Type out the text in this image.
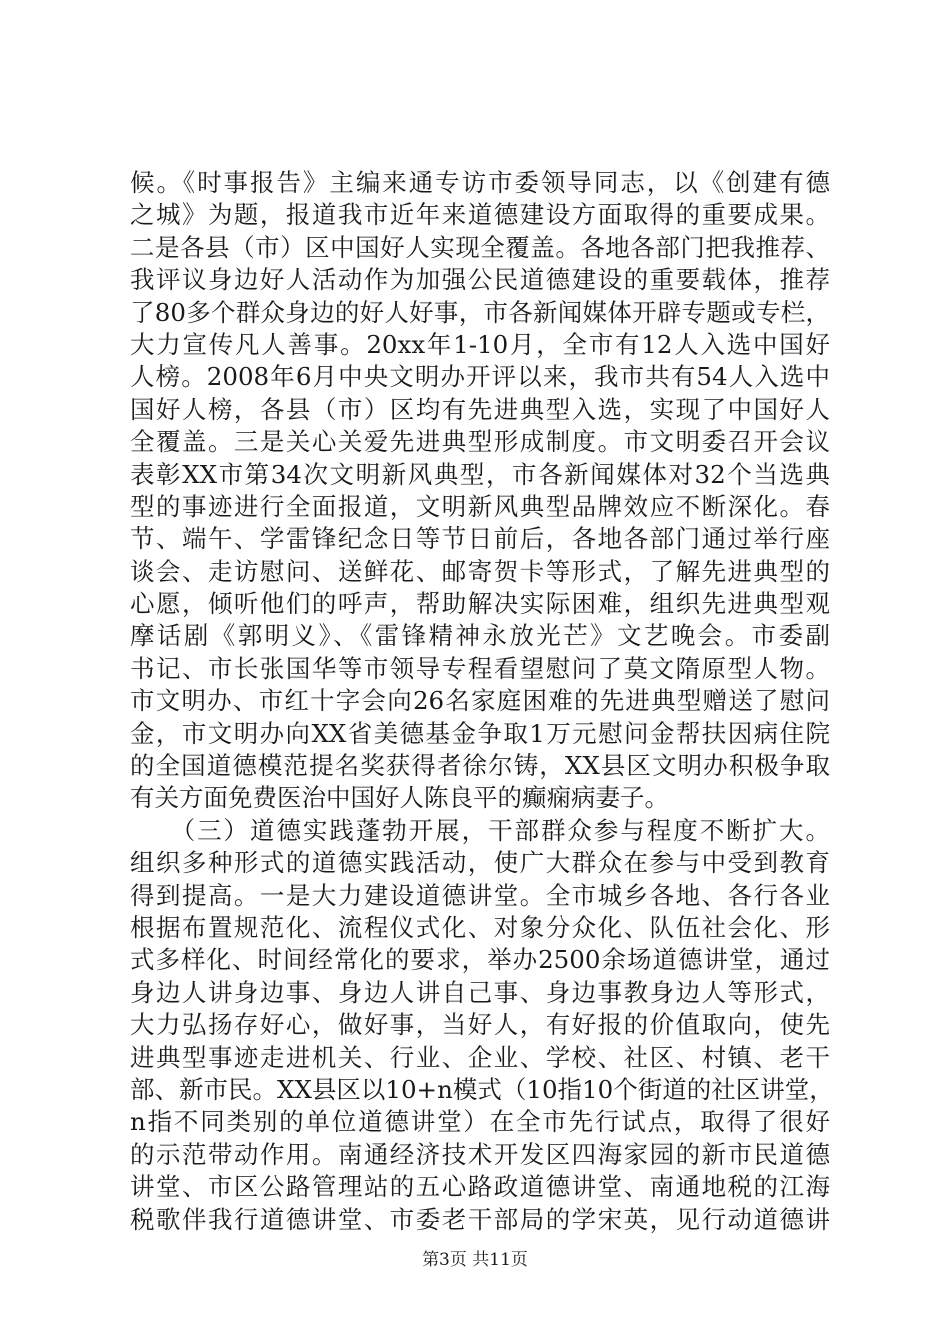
候。《时事报告》主编来通专访市委领导同志，以《创建有德
之城》为题，报道我市近年来道德建设方面取得的重要成果。
二是各县（市）区中国好人实现全覆盖。各地各部门把我推荐、
我评议身边好人活动作为加强公民道德建设的重要载体，推荐
了80多个群众身边的好人好事，市各新闻媒体开辟专题或专栏，
大力宣传凡人善事。20xx年1-10月，全市有12人入选中国好
人榜。2008年6月中央文明办开评以来，我市共有54人入选中
国好人榜，各县（市）区均有先进典型入选，实现了中国好人
全覆盖。三是关心关爱先进典型形成制度。市文明委召开会议
表彰XX市第34次文明新风典型，市各新闻媒体对32个当选典
型的事迹进行全面报道，文明新风典型品牌效应不断深化。春
节、端午、学雷锋纪念日等节日前后，各地各部门通过举行座
谈会、走访慰问、送鲜花、邮寄贺卡等形式，了解先进典型的
心愿，倾听他们的呼声，帮助解决实际困难，组织先进典型观
摩话剧《郭明义》、《雷锋精神永放光芒》文艺晚会。市委副
书记、市长张国华等市领导专程看望慰问了莫文隋原型人物。
市文明办、市红十字会向26名家庭困难的先进典型赠送了慰问
金，市文明办向XX省美德基金争取1万元慰问金帮扶因病住院
的全国道德模范提名奖获得者徐尔铸，XX县区文明办积极争取
有关方面免费医治中国好人陈良平的癫痫病妻子。
　　（三）道德实践蓬勃开展，干部群众参与程度不断扩大。
组织多种形式的道德实践活动，使广大群众在参与中受到教育
得到提高。一是大力建设道德讲堂。全市城乡各地、各行各业
根据布置规范化、流程仪式化、对象分众化、队伍社会化、形
式多样化、时间经常化的要求，举办2500余场道德讲堂，通过
身边人讲身边事、身边人讲自己事、身边事教身边人等形式，
大力弘扬存好心，做好事，当好人，有好报的价值取向，使先
进典型事迹走进机关、行业、企业、学校、社区、村镇、老干
部、新市民。XX县区以10+n模式（10指10个街道的社区讲堂，
n指不同类别的单位道德讲堂）在全市先行试点，取得了很好
的示范带动作用。南通经济技术开发区四海家园的新市民道德
讲堂、市区公路管理站的五心路政道德讲堂、南通地税的江海
税歌伴我行道德讲堂、市委老干部局的学宋英，见行动道德讲
第3页 共11页
